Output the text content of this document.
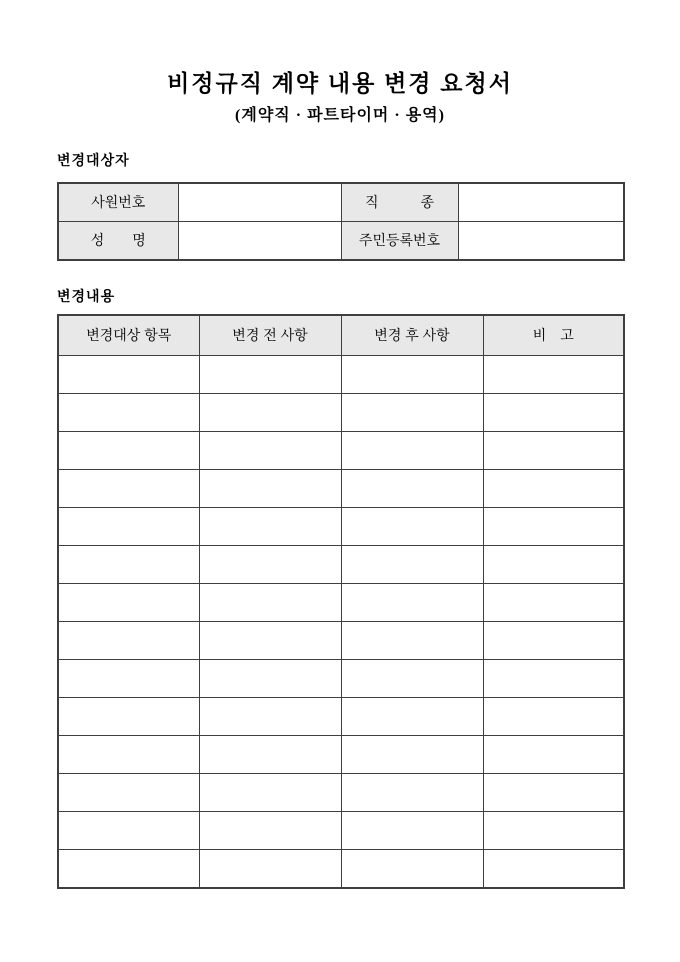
비정규직 계약 내용 변경 요청서
(계약직 · 파트타이머 · 용역)
변경대상자
사원번호		직　　　종	
성　　명		주민등록번호	
변경내용
변경대상 항목	변경 전 사항	변경 후 사항	비　고
